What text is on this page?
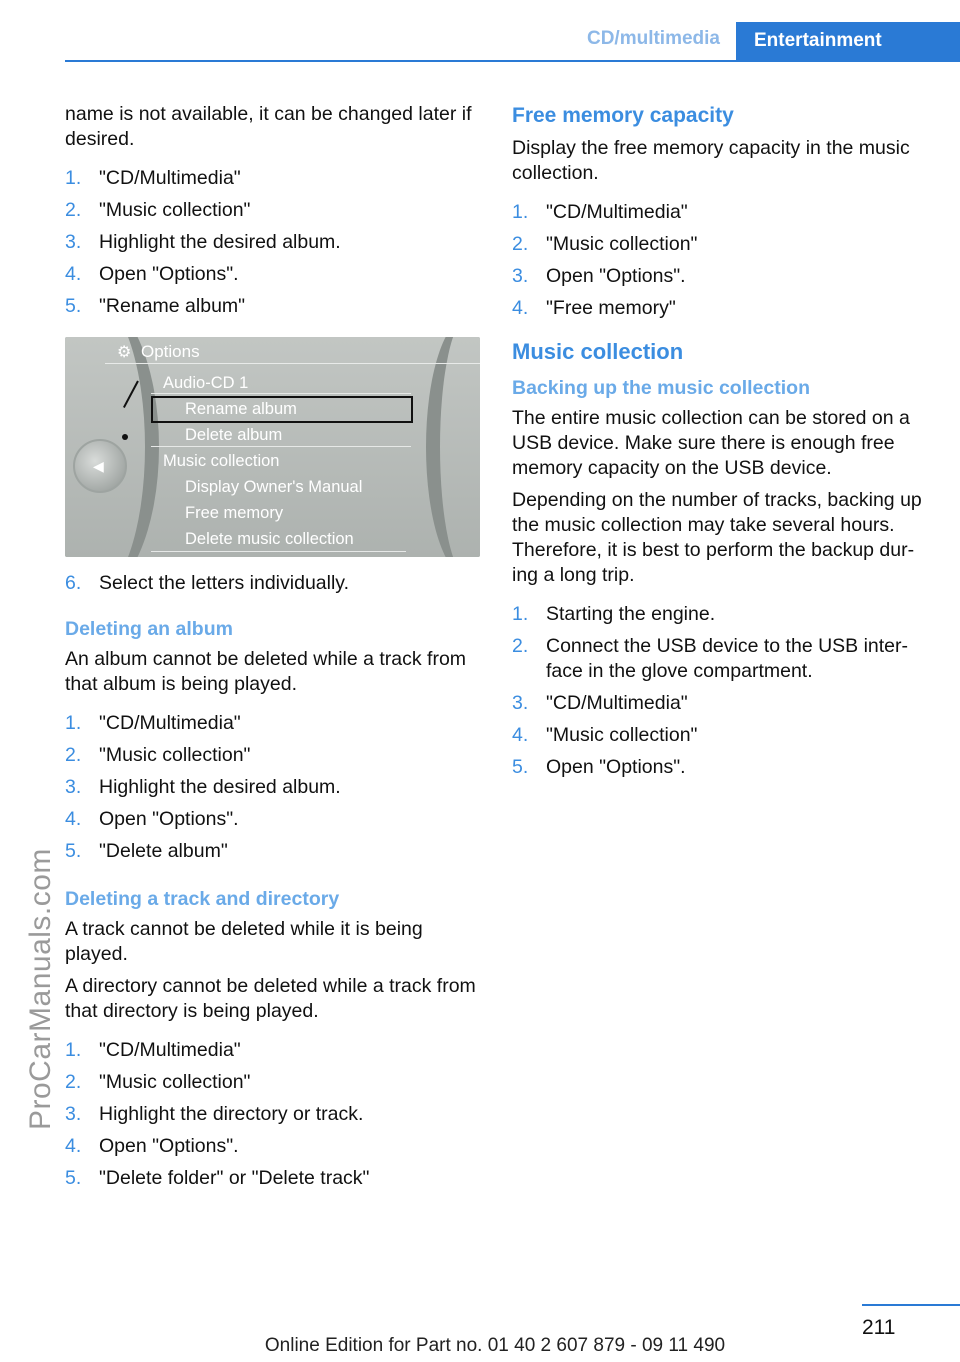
CD/multimedia	Entertainment
ProCarManuals.com

name is not available, it can be changed later if desired.

1. "CD/Multimedia"
2. "Music collection"
3. Highlight the desired album.
4. Open "Options".
5. "Rename album"
◀
⚙ Options
Audio-CD 1
Rename album
Delete album
Music collection
Display Owner's Manual
Free memory
Delete music collection
6. Select the letters individually.
Deleting an album

An album cannot be deleted while a track from that album is being played.

1. "CD/Multimedia"
2. "Music collection"
3. Highlight the desired album.
4. Open "Options".
5. "Delete album"
Deleting a track and directory

A track cannot be deleted while it is being played.

A directory cannot be deleted while a track from that directory is being played.

1. "CD/Multimedia"
2. "Music collection"
3. Highlight the directory or track.
4. Open "Options".
5. "Delete folder" or "Delete track"
Free memory capacity

Display the free memory capacity in the music collection.

1. "CD/Multimedia"
2. "Music collection"
3. Open "Options".
4. "Free memory"
Music collection
Backing up the music collection

The entire music collection can be stored on a USB device. Make sure there is enough free memory capacity on the USB device.

Depending on the number of tracks, backing up the music collection may take several hours. Therefore, it is best to perform the backup dur-ing a long trip.

1. Starting the engine.
2. Connect the USB device to the USB inter-face in the glove compartment.
3. "CD/Multimedia"
4. "Music collection"
5. Open "Options".
211
Online Edition for Part no. 01 40 2 607 879 - 09 11 490
